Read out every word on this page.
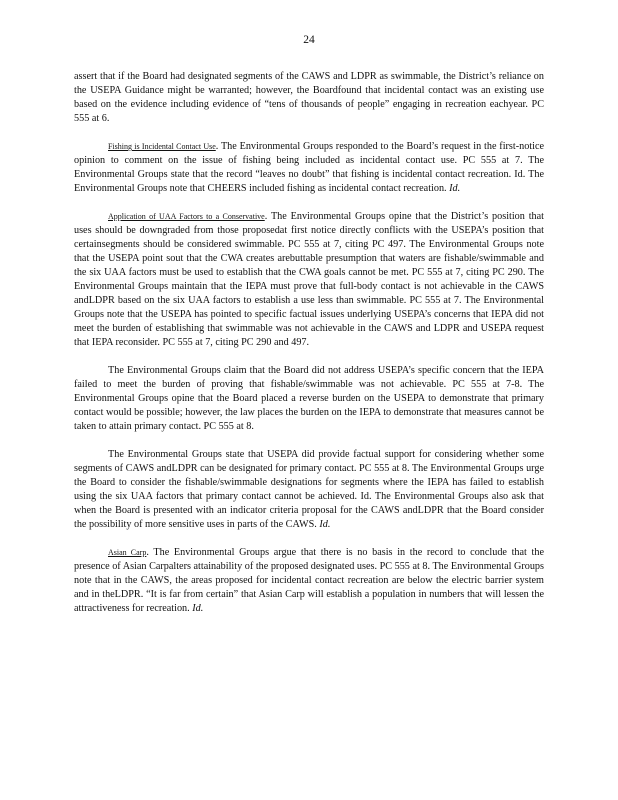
24

assert that if the Board had designated segments of the CAWS and LDPR as swimmable, the District’s reliance on the USEPA Guidance might be warranted; however, the Boardfound that incidental contact was an existing use based on the evidence including evidence of “tens of thousands of people” engaging in recreation eachyear. PC 555 at 6.

Fishing is Incidental Contact Use. The Environmental Groups responded to the Board’s request in the first-notice opinion to comment on the issue of fishing being included as incidental contact use. PC 555 at 7. The Environmental Groups state that the record “leaves no doubt” that fishing is incidental contact recreation. Id. The Environmental Groups note that CHEERS included fishing as incidental contact recreation. Id.

Application of UAA Factors to a Conservative. The Environmental Groups opine that the District’s position that uses should be downgraded from those proposedat first notice directly conflicts with the USEPA’s position that certainsegments should be considered swimmable. PC 555 at 7, citing PC 497. The Environmental Groups note that the USEPA point sout that the CWA creates arebuttable presumption that waters are fishable/swimmable and the six UAA factors must be used to establish that the CWA goals cannot be met. PC 555 at 7, citing PC 290. The Environmental Groups maintain that the IEPA must prove that full-body contact is not achievable in the CAWS andLDPR based on the six UAA factors to establish a use less than swimmable. PC 555 at 7. The Environmental Groups note that the USEPA has pointed to specific factual issues underlying USEPA’s concerns that IEPA did not meet the burden of establishing that swimmable was not achievable in the CAWS and LDPR and USEPA request that IEPA reconsider. PC 555 at 7, citing PC 290 and 497.

The Environmental Groups claim that the Board did not address USEPA’s specific concern that the IEPA failed to meet the burden of proving that fishable/swimmable was not achievable. PC 555 at 7-8. The Environmental Groups opine that the Board placed a reverse burden on the USEPA to demonstrate that primary contact would be possible; however, the law places the burden on the IEPA to demonstrate that measures cannot be taken to attain primary contact. PC 555 at 8.

The Environmental Groups state that USEPA did provide factual support for considering whether some segments of CAWS andLDPR can be designated for primary contact. PC 555 at 8. The Environmental Groups urge the Board to consider the fishable/swimmable designations for segments where the IEPA has failed to establish using the six UAA factors that primary contact cannot be achieved. Id. The Environmental Groups also ask that when the Board is presented with an indicator criteria proposal for the CAWS andLDPR that the Board consider the possibility of more sensitive uses in parts of the CAWS. Id.

Asian Carp. The Environmental Groups argue that there is no basis in the record to conclude that the presence of Asian Carpalters attainability of the proposed designated uses. PC 555 at 8. The Environmental Groups note that in the CAWS, the areas proposed for incidental contact recreation are below the electric barrier system and in theLDPR. “It is far from certain” that Asian Carp will establish a population in numbers that will lessen the attractiveness for recreation. Id.
